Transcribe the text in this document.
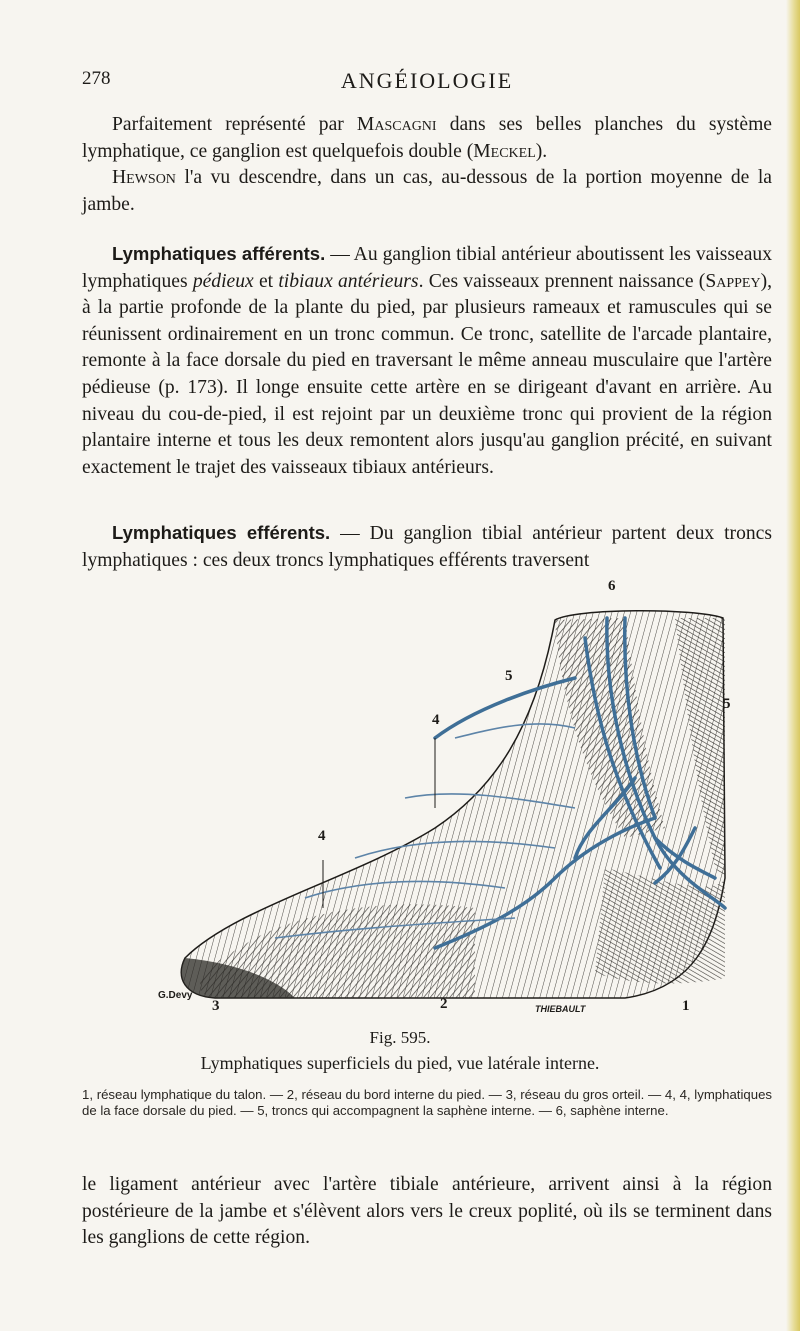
278	ANGÉIOLOGIE

Parfaitement représenté par Mascagni dans ses belles planches du système lymphatique, ce ganglion est quelquefois double (Meckel).

Hewson l'a vu descendre, dans un cas, au-dessous de la portion moyenne de la jambe.

Lymphatiques afférents. — Au ganglion tibial antérieur aboutissent les vaisseaux lymphatiques pédieux et tibiaux antérieurs. Ces vaisseaux prennent naissance (Sappey), à la partie profonde de la plante du pied, par plusieurs rameaux et ramuscules qui se réunissent ordinairement en un tronc commun. Ce tronc, satellite de l'arcade plantaire, remonte à la face dorsale du pied en traversant le même anneau musculaire que l'artère pédieuse (p. 173). Il longe ensuite cette artère en se dirigeant d'avant en arrière. Au niveau du cou-de-pied, il est rejoint par un deuxième tronc qui provient de la région plantaire interne et tous les deux remontent alors jusqu'au ganglion précité, en suivant exactement le trajet des vaisseaux tibiaux antérieurs.

Lymphatiques efférents. — Du ganglion tibial antérieur partent deux troncs lymphatiques : ces deux troncs lymphatiques efférents traversent

6
5
5
4
4
3	2	1
G.Devy
THIEBAULT
Fig. 595.
Lymphatiques superficiels du pied, vue latérale interne.
1, réseau lymphatique du talon. — 2, réseau du bord interne du pied. — 3, réseau du gros orteil. — 4, 4, lymphatiques de la face dorsale du pied. — 5, troncs qui accompagnent la saphène interne. — 6, saphène interne.

le ligament antérieur avec l'artère tibiale antérieure, arrivent ainsi à la région postérieure de la jambe et s'élèvent alors vers le creux poplité, où ils se terminent dans les ganglions de cette région.
